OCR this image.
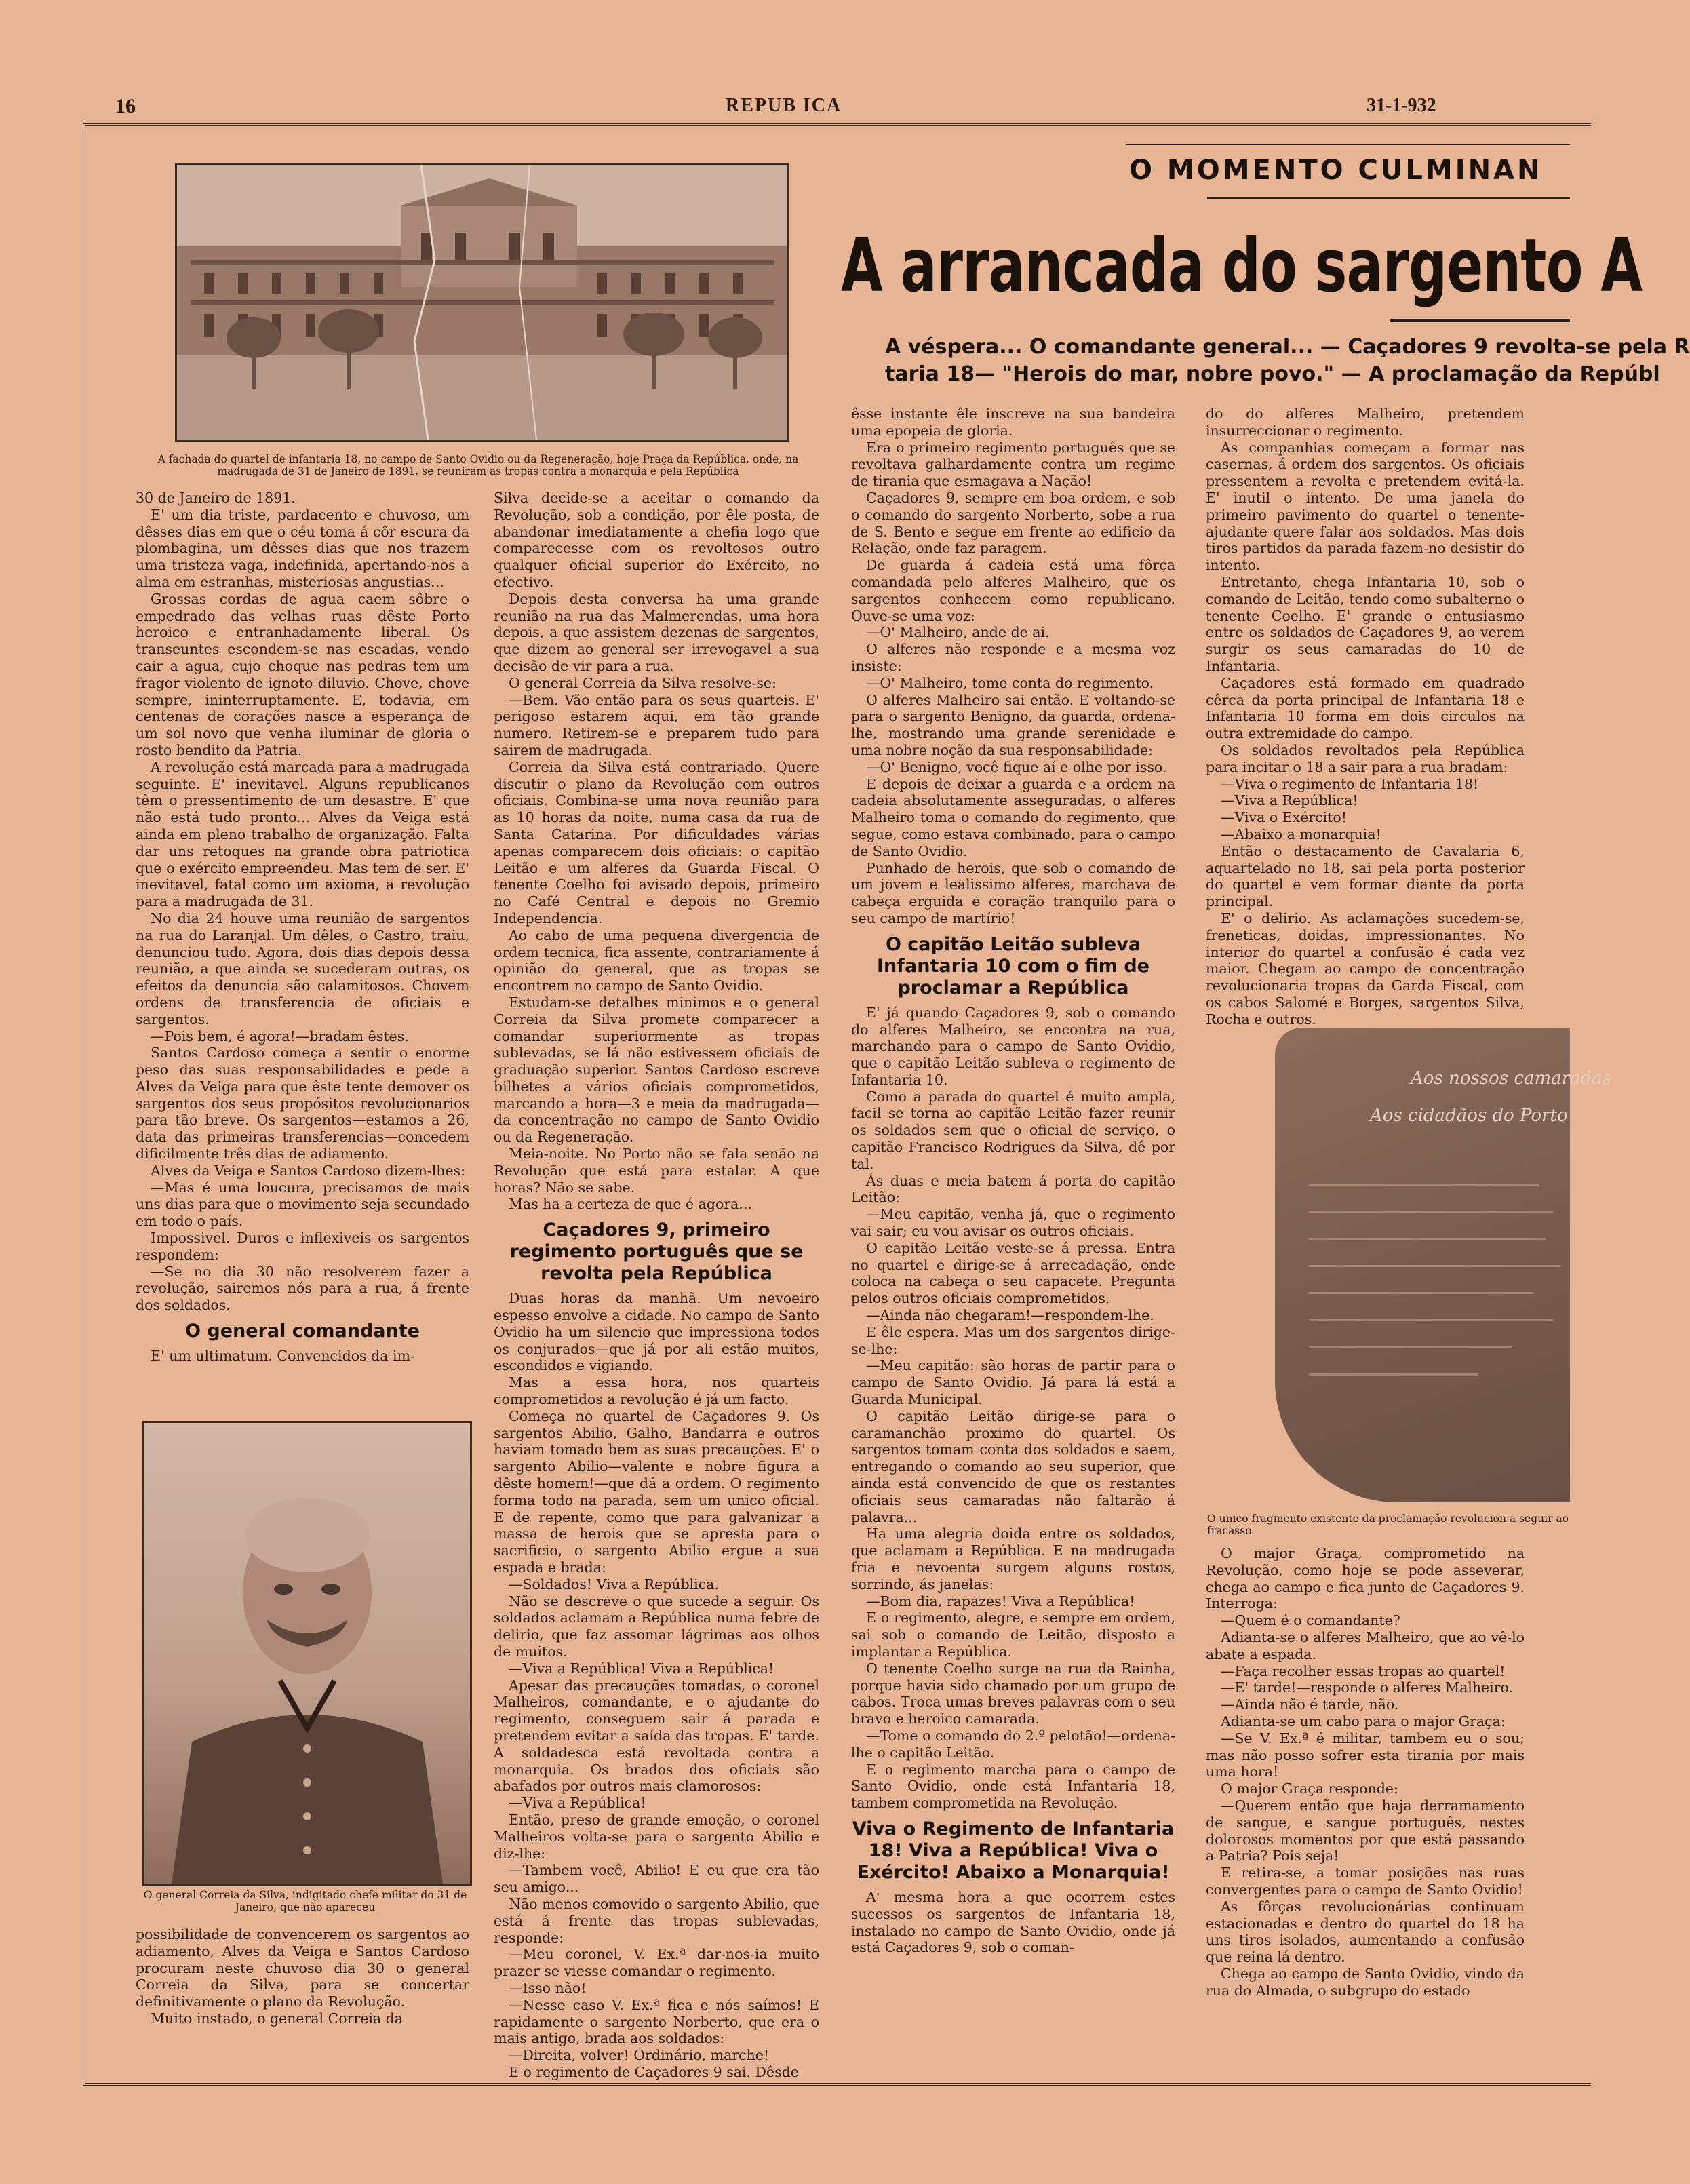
16	REPUB ICA	31-1-932
A fachada do quartel de infantaria 18, no campo de Santo Ovidio ou da Regeneração, hoje Praça da República, onde, na madrugada de 31 de Janeiro de 1891, se reuniram as tropas contra a monarquia e pela República

30 de Janeiro de 1891.

E' um dia triste, pardacento e chuvoso, um dêsses dias em que o céu toma á côr escura da plombagina, um dêsses dias que nos trazem uma tristeza vaga, indefinida, apertando-nos a alma em estranhas, misteriosas angustias...

Grossas cordas de agua caem sôbre o empedrado das velhas ruas dêste Porto heroico e entranhadamente liberal. Os transeuntes escondem-se nas escadas, vendo cair a agua, cujo choque nas pedras tem um fragor violento de ignoto diluvio. Chove, chove sempre, ininterruptamente. E, todavia, em centenas de corações nasce a esperança de um sol novo que venha iluminar de gloria o rosto bendito da Patria.

A revolução está marcada para a madrugada seguinte. E' inevitavel. Alguns republicanos têm o pressentimento de um desastre. E' que não está tudo pronto... Alves da Veiga está ainda em pleno trabalho de organização. Falta dar uns retoques na grande obra patriotica que o exército empreendeu. Mas tem de ser. E' inevitavel, fatal como um axioma, a revolução para a madrugada de 31.

No dia 24 houve uma reunião de sargentos na rua do Laranjal. Um dêles, o Castro, traiu, denunciou tudo. Agora, dois dias depois dessa reunião, a que ainda se sucederam outras, os efeitos da denuncia são calamitosos. Chovem ordens de transferencia de oficiais e sargentos.

—Pois bem, é agora!—bradam êstes.

Santos Cardoso começa a sentir o enorme peso das suas responsabilidades e pede a Alves da Veiga para que êste tente demover os sargentos dos seus propósitos revolucionarios para tão breve. Os sargentos—estamos a 26, data das primeiras transferencias—concedem dificilmente três dias de adiamento.

Alves da Veiga e Santos Cardoso dizem-lhes:

—Mas é uma loucura, precisamos de mais uns dias para que o movimento seja secundado em todo o país.

Impossivel. Duros e inflexiveis os sargentos respondem:

—Se no dia 30 não resolverem fazer a revolução, sairemos nós para a rua, á frente dos soldados.

O general comandante

E' um ultimatum. Convencidos da im-

O general Correia da Silva, indigitado chefe militar do 31 de Janeiro, que não apareceu

possibilidade de convencerem os sargentos ao adiamento, Alves da Veiga e Santos Cardoso procuram neste chuvoso dia 30 o general Correia da Silva, para se concertar definitivamente o plano da Revolução.

Muito instado, o general Correia da

Silva decide-se a aceitar o comando da Revolução, sob a condição, por êle posta, de abandonar imediatamente a chefia logo que comparecesse com os revoltosos outro qualquer oficial superior do Exército, no efectivo.

Depois desta conversa ha uma grande reunião na rua das Malmerendas, uma hora depois, a que assistem dezenas de sargentos, que dizem ao general ser irrevogavel a sua decisão de vir para a rua.

O general Correia da Silva resolve-se:

—Bem. Vão então para os seus quarteis. E' perigoso estarem aqui, em tão grande numero. Retirem-se e preparem tudo para sairem de madrugada.

Correia da Silva está contrariado. Quere discutir o plano da Revolução com outros oficiais. Combina-se uma nova reunião para as 10 horas da noite, numa casa da rua de Santa Catarina. Por dificuldades várias apenas comparecem dois oficiais: o capitão Leitão e um alferes da Guarda Fiscal. O tenente Coelho foi avisado depois, primeiro no Café Central e depois no Gremio Independencia.

Ao cabo de uma pequena divergencia de ordem tecnica, fica assente, contrariamente á opinião do general, que as tropas se encontrem no campo de Santo Ovidio.

Estudam-se detalhes minimos e o general Correia da Silva promete comparecer a comandar superiormente as tropas sublevadas, se lá não estivessem oficiais de graduação superior. Santos Cardoso escreve bilhetes a vários oficiais comprometidos, marcando a hora—3 e meia da madrugada—da concentração no campo de Santo Ovidio ou da Regeneração.

Meia-noite. No Porto não se fala senão na Revolução que está para estalar. A que horas? Não se sabe.

Mas ha a certeza de que é agora...

Caçadores 9, primeiro regimento português que se revolta pela República

Duas horas da manhã. Um nevoeiro espesso envolve a cidade. No campo de Santo Ovidio ha um silencio que impressiona todos os conjurados—que já por ali estão muitos, escondidos e vigiando.

Mas a essa hora, nos quarteis comprometidos a revolução é já um facto.

Começa no quartel de Caçadores 9. Os sargentos Abilio, Galho, Bandarra e outros haviam tomado bem as suas precauções. E' o sargento Abilio—valente e nobre figura a dêste homem!—que dá a ordem. O regimento forma todo na parada, sem um unico oficial. E de repente, como que para galvanizar a massa de herois que se apresta para o sacrificio, o sargento Abilio ergue a sua espada e brada:

—Soldados! Viva a República.

Não se descreve o que sucede a seguir. Os soldados aclamam a República numa febre de delirio, que faz assomar lágrimas aos olhos de muitos.

—Viva a República! Viva a República!

Apesar das precauções tomadas, o coronel Malheiros, comandante, e o ajudante do regimento, conseguem sair á parada e pretendem evitar a saída das tropas. E' tarde. A soldadesca está revoltada contra a monarquia. Os brados dos oficiais são abafados por outros mais clamorosos:

—Viva a República!

Então, preso de grande emoção, o coronel Malheiros volta-se para o sargento Abilio e diz-lhe:

—Tambem você, Abilio! E eu que era tão seu amigo...

Não menos comovido o sargento Abilio, que está á frente das tropas sublevadas, responde:

—Meu coronel, V. Ex.ª dar-nos-ia muito prazer se viesse comandar o regimento.

—Isso não!

—Nesse caso V. Ex.ª fica e nós saímos! E rapidamente o sargento Norberto, que era o mais antigo, brada aos soldados:

—Direita, volver! Ordinário, marche!

E o regimento de Caçadores 9 sai. Dêsde

O MOMENTO CULMINAN
A arrancada do sargento A
A véspera... O comandante general... — Caçadores 9 revolta-se pela R
taria 18— "Herois do mar, nobre povo." — A proclamação da Repúbl

êsse instante êle inscreve na sua bandeira uma epopeia de gloria.

Era o primeiro regimento português que se revoltava galhardamente contra um regime de tirania que esmagava a Nação!

Caçadores 9, sempre em boa ordem, e sob o comando do sargento Norberto, sobe a rua de S. Bento e segue em frente ao edificio da Relação, onde faz paragem.

De guarda á cadeia está uma fôrça comandada pelo alferes Malheiro, que os sargentos conhecem como republicano. Ouve-se uma voz:

—O' Malheiro, ande de ai.

O alferes não responde e a mesma voz insiste:

—O' Malheiro, tome conta do regimento.

O alferes Malheiro sai então. E voltando-se para o sargento Benigno, da guarda, ordena-lhe, mostrando uma grande serenidade e uma nobre noção da sua responsabilidade:

—O' Benigno, você fique aí e olhe por isso.

E depois de deixar a guarda e a ordem na cadeia absolutamente asseguradas, o alferes Malheiro toma o comando do regimento, que segue, como estava combinado, para o campo de Santo Ovidio.

Punhado de herois, que sob o comando de um jovem e lealissimo alferes, marchava de cabeça erguida e coração tranquilo para o seu campo de martírio!

O capitão Leitão subleva Infantaria 10 com o fim de proclamar a República

E' já quando Caçadores 9, sob o comando do alferes Malheiro, se encontra na rua, marchando para o campo de Santo Ovidio, que o capitão Leitão subleva o regimento de Infantaria 10.

Como a parada do quartel é muito ampla, facil se torna ao capitão Leitão fazer reunir os soldados sem que o oficial de serviço, o capitão Francisco Rodrigues da Silva, dê por tal.

Ás duas e meia batem á porta do capitão Leitão:

—Meu capitão, venha já, que o regimento vai sair; eu vou avisar os outros oficiais.

O capitão Leitão veste-se á pressa. Entra no quartel e dirige-se á arrecadação, onde coloca na cabeça o seu capacete. Pregunta pelos outros oficiais comprometidos.

—Ainda não chegaram!—respondem-lhe.

E êle espera. Mas um dos sargentos dirige-se-lhe:

—Meu capitão: são horas de partir para o campo de Santo Ovidio. Já para lá está a Guarda Municipal.

O capitão Leitão dirige-se para o caramanchão proximo do quartel. Os sargentos tomam conta dos soldados e saem, entregando o comando ao seu superior, que ainda está convencido de que os restantes oficiais seus camaradas não faltarão á palavra...

Ha uma alegria doida entre os soldados, que aclamam a República. E na madrugada fria e nevoenta surgem alguns rostos, sorrindo, ás janelas:

—Bom dia, rapazes! Viva a República!

E o regimento, alegre, e sempre em ordem, sai sob o comando de Leitão, disposto a implantar a República.

O tenente Coelho surge na rua da Rainha, porque havia sido chamado por um grupo de cabos. Troca umas breves palavras com o seu bravo e heroico camarada.

—Tome o comando do 2.º pelotão!—ordena-lhe o capitão Leitão.

E o regimento marcha para o campo de Santo Ovidio, onde está Infantaria 18, tambem comprometida na Revolução.

Viva o Regimento de Infantaria 18! Viva a República! Viva o Exército! Abaixo a Monarquia!

A' mesma hora a que ocorrem estes sucessos os sargentos de Infantaria 18, instalado no campo de Santo Ovidio, onde já está Caçadores 9, sob o coman-

do do alferes Malheiro, pretendem insurreccionar o regimento.

As companhias começam a formar nas casernas, á ordem dos sargentos. Os oficiais pressentem a revolta e pretendem evitá-la. E' inutil o intento. De uma janela do primeiro pavimento do quartel o tenente-ajudante quere falar aos soldados. Mas dois tiros partidos da parada fazem-no desistir do intento.

Entretanto, chega Infantaria 10, sob o comando de Leitão, tendo como subalterno o tenente Coelho. E' grande o entusiasmo entre os soldados de Caçadores 9, ao verem surgir os seus camaradas do 10 de Infantaria.

Caçadores está formado em quadrado cêrca da porta principal de Infantaria 18 e Infantaria 10 forma em dois circulos na outra extremidade do campo.

Os soldados revoltados pela República para incitar o 18 a sair para a rua bradam:

—Viva o regimento de Infantaria 18!

—Viva a República!

—Viva o Exército!

—Abaixo a monarquia!

Então o destacamento de Cavalaria 6, aquartelado no 18, sai pela porta posterior do quartel e vem formar diante da porta principal.

E' o delirio. As aclamações sucedem-se, freneticas, doidas, impressionantes. No interior do quartel a confusão é cada vez maior. Chegam ao campo de concentração revolucionaria tropas da Garda Fiscal, com os cabos Salomé e Borges, sargentos Silva, Rocha e outros.

Aos nossos camaradas
Aos cidadãos do Porto
O unico fragmento existente da proclamação revolucion a seguir ao fracasso

O major Graça, comprometido na Revolução, como hoje se pode asseverar, chega ao campo e fica junto de Caçadores 9. Interroga:

—Quem é o comandante?

Adianta-se o alferes Malheiro, que ao vê-lo abate a espada.

—Faça recolher essas tropas ao quartel!

—E' tarde!—responde o alferes Malheiro.

—Ainda não é tarde, não.

Adianta-se um cabo para o major Graça:

—Se V. Ex.ª é militar, tambem eu o sou; mas não posso sofrer esta tirania por mais uma hora!

O major Graça responde:

—Querem então que haja derramamento de sangue, e sangue português, nestes dolorosos momentos por que está passando a Patria? Pois seja!

E retira-se, a tomar posições nas ruas convergentes para o campo de Santo Ovidio!

As fôrças revolucionárias continuam estacionadas e dentro do quartel do 18 ha uns tiros isolados, aumentando a confusão que reina lá dentro.

Chega ao campo de Santo Ovidio, vindo da rua do Almada, o subgrupo do estado
